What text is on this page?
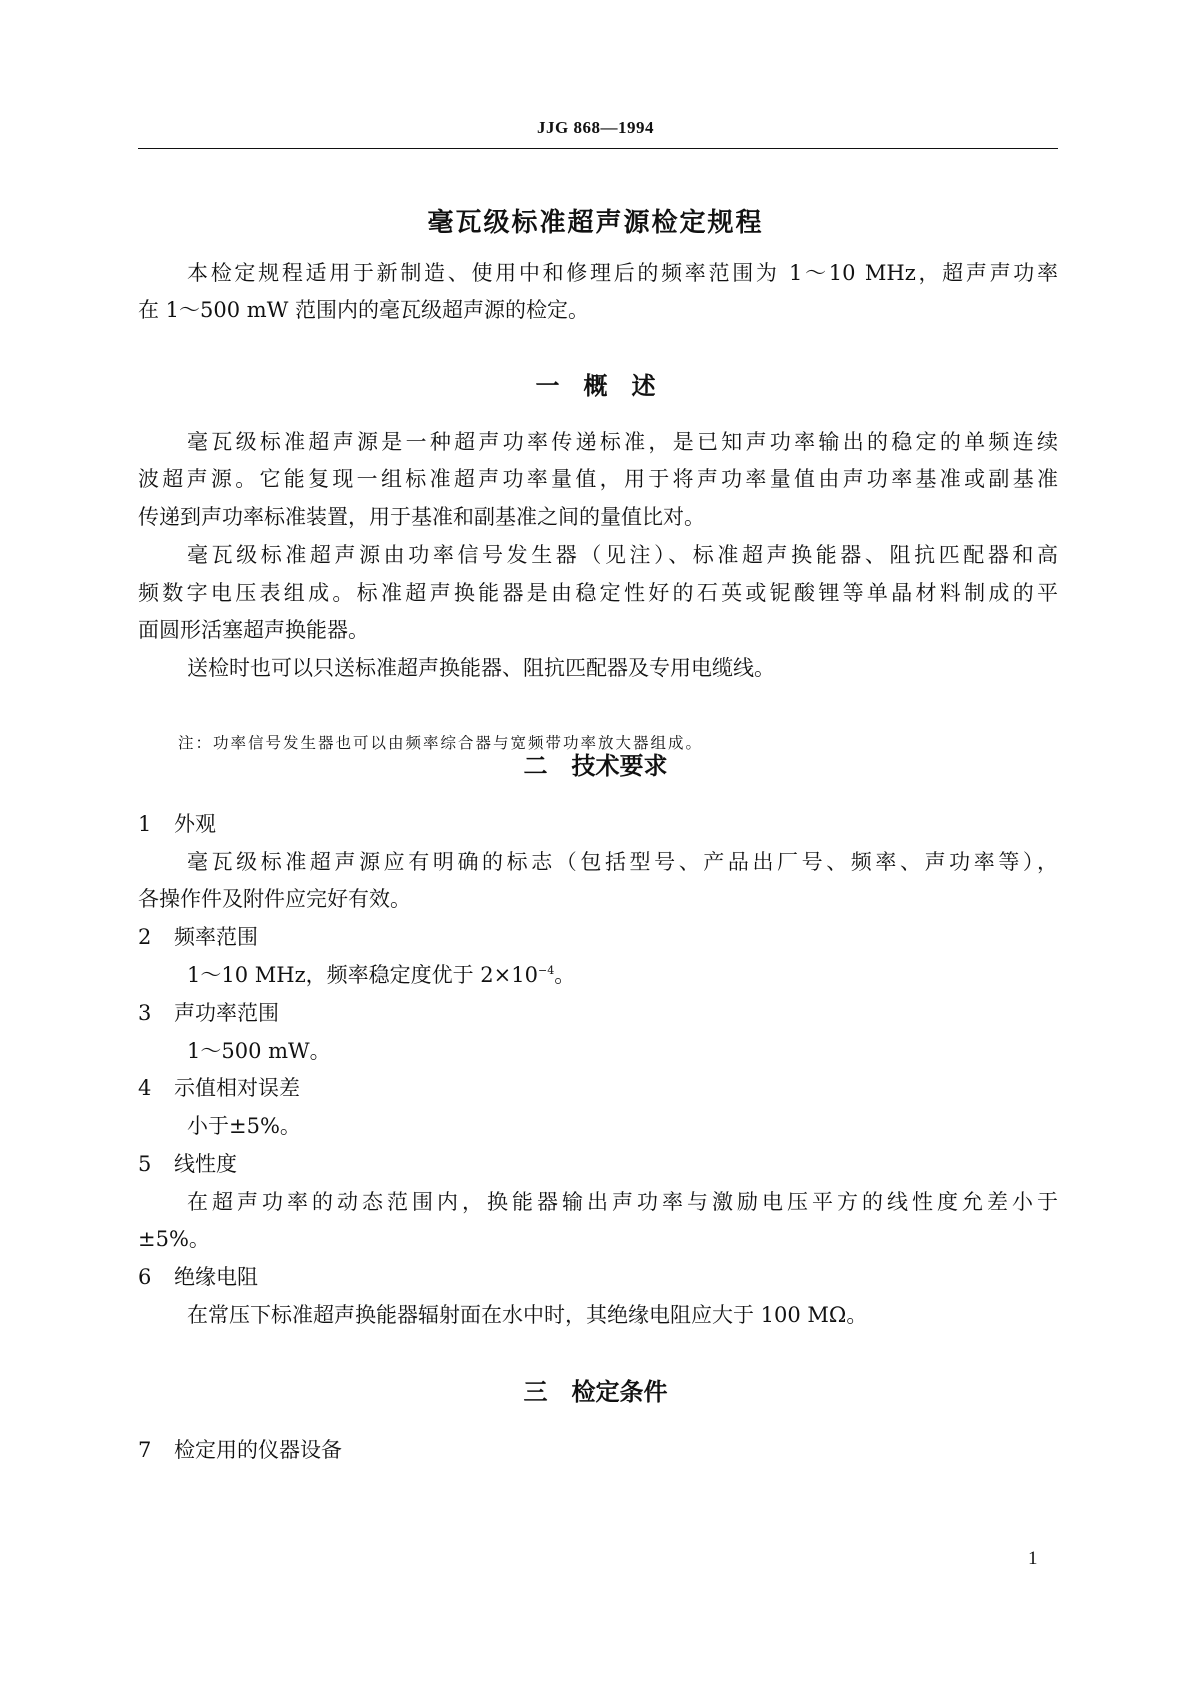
JJG 868—1994
毫瓦级标准超声源检定规程
本检定规程适用于新制造、使用中和修理后的频率范围为 1～10 MHz，超声声功率
在 1～500 mW 范围内的毫瓦级超声源的检定。
一　概　述
毫瓦级标准超声源是一种超声功率传递标准，是已知声功率输出的稳定的单频连续
波超声源。它能复现一组标准超声功率量值，用于将声功率量值由声功率基准或副基准
传递到声功率标准装置，用于基准和副基准之间的量值比对。
毫瓦级标准超声源由功率信号发生器（见注）、标准超声换能器、阻抗匹配器和高
频数字电压表组成。标准超声换能器是由稳定性好的石英或铌酸锂等单晶材料制成的平
面圆形活塞超声换能器。
送检时也可以只送标准超声换能器、阻抗匹配器及专用电缆线。
注：功率信号发生器也可以由频率综合器与宽频带功率放大器组成。
二　技术要求
1 外观
毫瓦级标准超声源应有明确的标志（包括型号、产品出厂号、频率、声功率等），
各操作件及附件应完好有效。
2 频率范围
1～10 MHz，频率稳定度优于 $2\times 10^{-4}$。
3 声功率范围
1～500 mW。
4 示值相对误差
小于±5%。
5 线性度
在超声功率的动态范围内，换能器输出声功率与激励电压平方的线性度允差小于
±5%。
6 绝缘电阻
在常压下标准超声换能器辐射面在水中时，其绝缘电阻应大于 100 MΩ。
三　检定条件
7 检定用的仪器设备
1
